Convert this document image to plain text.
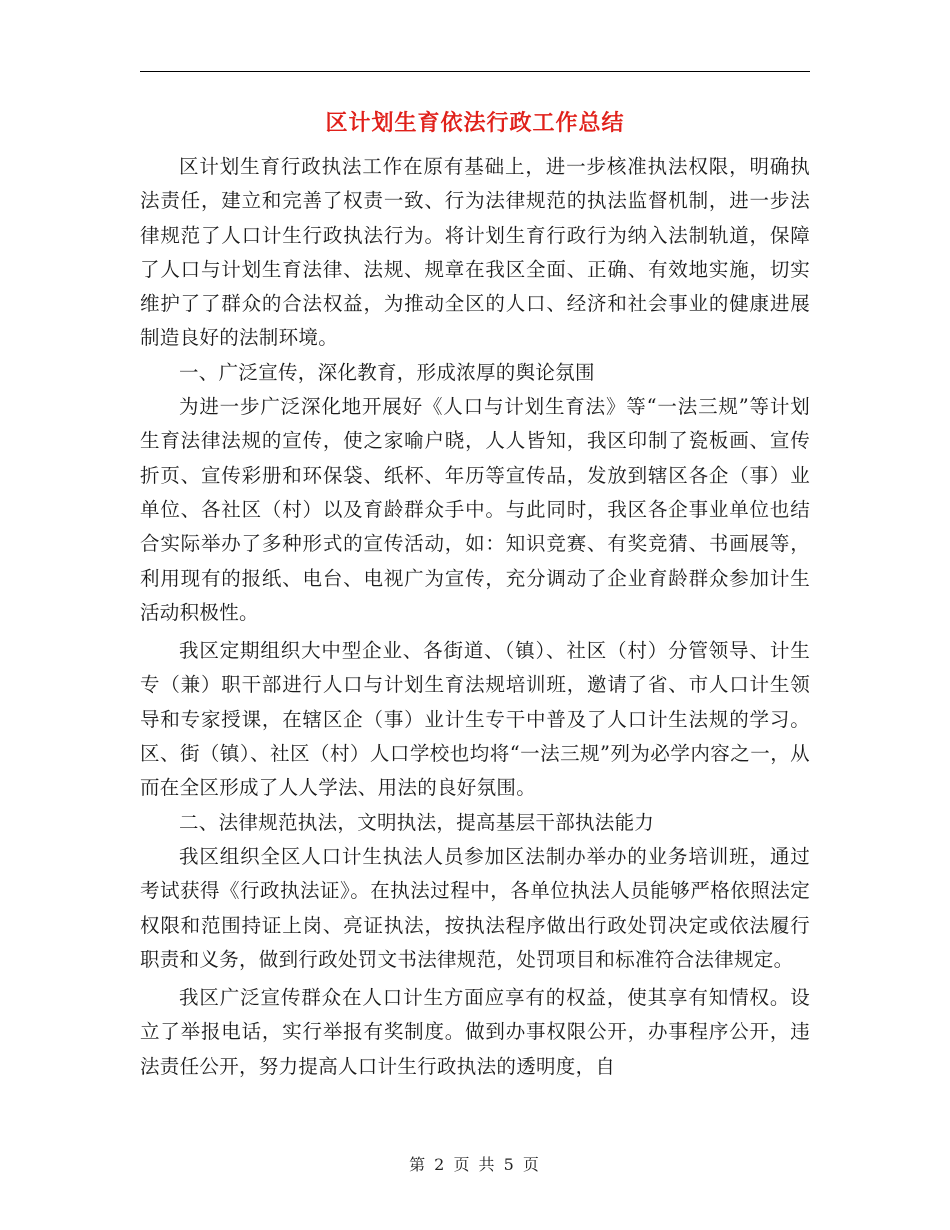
区计划生育依法行政工作总结

区计划生育行政执法工作在原有基础上，进一步核准执法权限，明确执法责任，建立和完善了权责一致、行为法律规范的执法监督机制，进一步法律规范了人口计生行政执法行为。将计划生育行政行为纳入法制轨道，保障了人口与计划生育法律、法规、规章在我区全面、正确、有效地实施，切实维护了了群众的合法权益，为推动全区的人口、经济和社会事业的健康进展制造良好的法制环境。

一、广泛宣传，深化教育，形成浓厚的舆论氛围

为进一步广泛深化地开展好《人口与计划生育法》等“一法三规”等计划生育法律法规的宣传，使之家喻户晓，人人皆知，我区印制了瓷板画、宣传折页、宣传彩册和环保袋、纸杯、年历等宣传品，发放到辖区各企（事）业单位、各社区（村）以及育龄群众手中。与此同时，我区各企事业单位也结合实际举办了多种形式的宣传活动，如：知识竞赛、有奖竞猜、书画展等，利用现有的报纸、电台、电视广为宣传，充分调动了企业育龄群众参加计生活动积极性。

我区定期组织大中型企业、各街道、（镇）、社区（村）分管领导、计生专（兼）职干部进行人口与计划生育法规培训班，邀请了省、市人口计生领导和专家授课，在辖区企（事）业计生专干中普及了人口计生法规的学习。区、街（镇）、社区（村）人口学校也均将“一法三规”列为必学内容之一，从而在全区形成了人人学法、用法的良好氛围。

二、法律规范执法，文明执法，提高基层干部执法能力

我区组织全区人口计生执法人员参加区法制办举办的业务培训班，通过考试获得《行政执法证》。在执法过程中，各单位执法人员能够严格依照法定权限和范围持证上岗、亮证执法，按执法程序做出行政处罚决定或依法履行职责和义务，做到行政处罚文书法律规范，处罚项目和标准符合法律规定。

我区广泛宣传群众在人口计生方面应享有的权益，使其享有知情权。设立了举报电话，实行举报有奖制度。做到办事权限公开，办事程序公开，违法责任公开，努力提高人口计生行政执法的透明度，自

第 2 页 共 5 页
